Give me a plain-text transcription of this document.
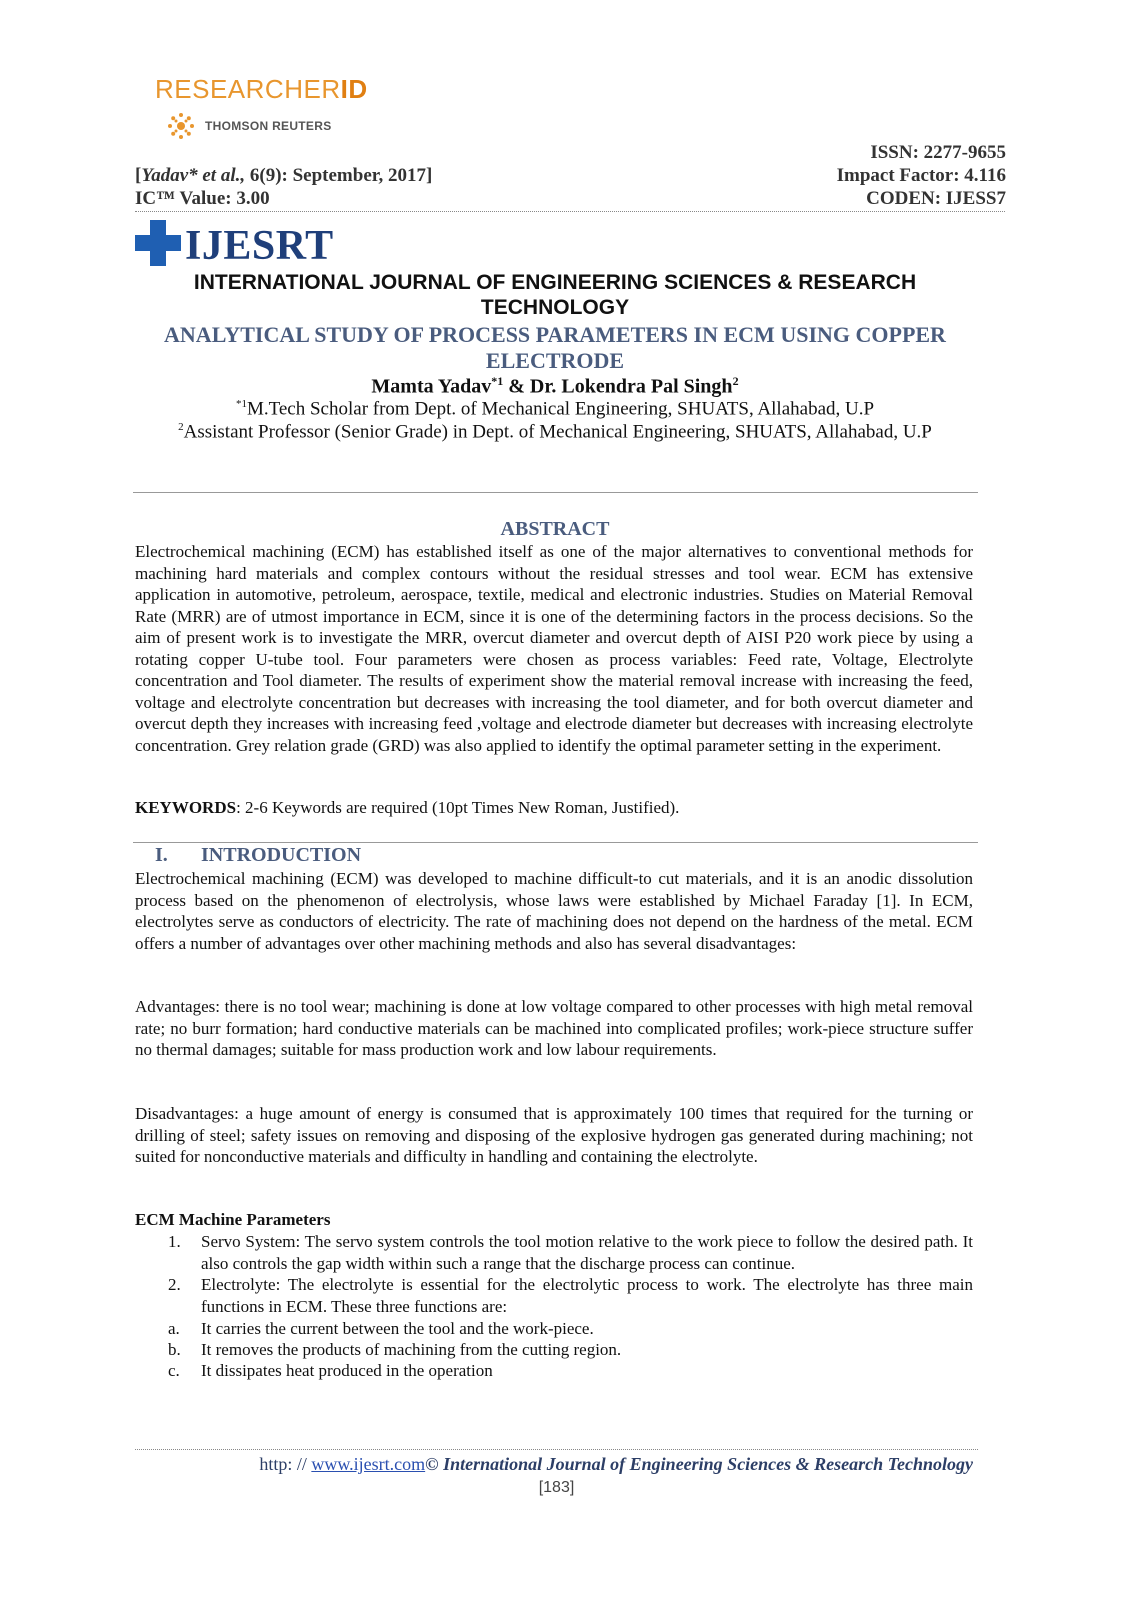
RESEARCHERID
THOMSON REUTERS
[Yadav* et al., 6(9): September, 2017]
IC™ Value: 3.00
ISSN: 2277-9655
Impact Factor: 4.116
CODEN: IJESS7
IJESRT
INTERNATIONAL JOURNAL OF ENGINEERING SCIENCES & RESEARCH TECHNOLOGY
ANALYTICAL STUDY OF PROCESS PARAMETERS IN ECM USING COPPER ELECTRODE
Mamta Yadav$^{*1}$ & Dr. Lokendra Pal Singh$^2$
$^{*1}$M.Tech Scholar from Dept. of Mechanical Engineering, SHUATS, Allahabad, U.P
$^2$Assistant Professor (Senior Grade) in Dept. of Mechanical Engineering, SHUATS, Allahabad, U.P
ABSTRACT
Electrochemical machining (ECM) has established itself as one of the major alternatives to conventional methods for machining hard materials and complex contours without the residual stresses and tool wear. ECM has extensive application in automotive, petroleum, aerospace, textile, medical and electronic industries. Studies on Material Removal Rate (MRR) are of utmost importance in ECM, since it is one of the determining factors in the process decisions. So the aim of present work is to investigate the MRR, overcut diameter and overcut depth of AISI P20 work piece by using a rotating copper U-tube tool. Four parameters were chosen as process variables: Feed rate, Voltage, Electrolyte concentration and Tool diameter. The results of experiment show the material removal increase with increasing the feed, voltage and electrolyte concentration but decreases with increasing the tool diameter, and for both overcut diameter and overcut depth they increases with increasing feed ,voltage and electrode diameter but decreases with increasing electrolyte concentration. Grey relation grade (GRD) was also applied to identify the optimal parameter setting in the experiment.
KEYWORDS: 2-6 Keywords are required (10pt Times New Roman, Justified).
I. INTRODUCTION
Electrochemical machining (ECM) was developed to machine difficult-to cut materials, and it is an anodic dissolution process based on the phenomenon of electrolysis, whose laws were established by Michael Faraday [1]. In ECM, electrolytes serve as conductors of electricity. The rate of machining does not depend on the hardness of the metal. ECM offers a number of advantages over other machining methods and also has several disadvantages:
Advantages: there is no tool wear; machining is done at low voltage compared to other processes with high metal removal rate; no burr formation; hard conductive materials can be machined into complicated profiles; work-piece structure suffer no thermal damages; suitable for mass production work and low labour requirements.
Disadvantages: a huge amount of energy is consumed that is approximately 100 times that required for the turning or drilling of steel; safety issues on removing and disposing of the explosive hydrogen gas generated during machining; not suited for nonconductive materials and difficulty in handling and containing the electrolyte.
ECM Machine Parameters
1.	Servo System: The servo system controls the tool motion relative to the work piece to follow the desired path. It also controls the gap width within such a range that the discharge process can continue.
2.	Electrolyte: The electrolyte is essential for the electrolytic process to work. The electrolyte has three main functions in ECM. These three functions are:
a.	It carries the current between the tool and the work-piece.
b.	It removes the products of machining from the cutting region.
c.	It dissipates heat produced in the operation
http: // www.ijesrt.com© International Journal of Engineering Sciences & Research Technology
[183]
